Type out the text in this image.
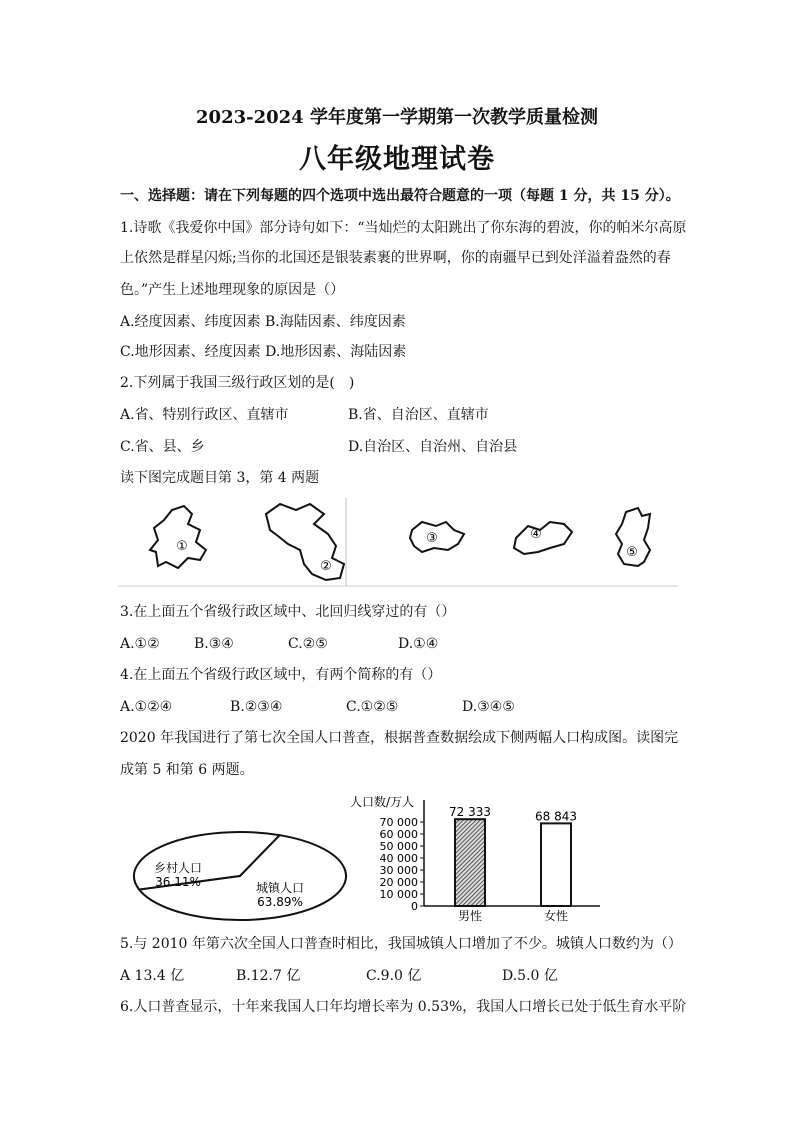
2023-2024 学年度第一学期第一次教学质量检测
八年级地理试卷
一、选择题：请在下列每题的四个选项中选出最符合题意的一项（每题 1 分，共 15 分）。
1.诗歌《我爱你中国》部分诗句如下：“当灿烂的太阳跳出了你东海的碧波，你的帕米尔高原
上依然是群星闪烁;当你的北国还是银装素裹的世界啊，你的南疆早已到处洋溢着盎然的春
色。”产生上述地理现象的原因是（）
A.经度因素、纬度因素 B.海陆因素、纬度因素
C.地形因素、经度因素 D.地形因素、海陆因素
2.下列属于我国三级行政区划的是(　)
A.省、特别行政区、直辖市	B.省、自治区、直辖市
C.省、县、乡	D.自治区、自治州、自治县
读下图完成题目第 3，第 4 两题
①
②
③	④
⑤
3.在上面五个省级行政区域中、北回归线穿过的有（）
A.①② B.③④	C.②⑤	D.①④
4.在上面五个省级行政区域中，有两个简称的有（）
A.①②④	B.②③④	C.①②⑤	D.③④⑤
2020 年我国进行了第七次全国人口普查，根据普查数据绘成下侧两幅人口构成图。读图完
成第 5 和第 6 两题。
乡村人口
36.11%	城镇人口
63.89%
人口数/万人
0
10 000
20 000
30 000
40 000
50 000
60 000
70 000
72 333
男性
68 843
女性
5.与 2010 年第六次全国人口普查时相比，我国城镇人口增加了不少。城镇人口数约为（）
A 13.4 亿	B.12.7 亿	C.9.0 亿	D.5.0 亿
6.人口普查显示，十年来我国人口年均增长率为 0.53%，我国人口增长已处于低生育水平阶
